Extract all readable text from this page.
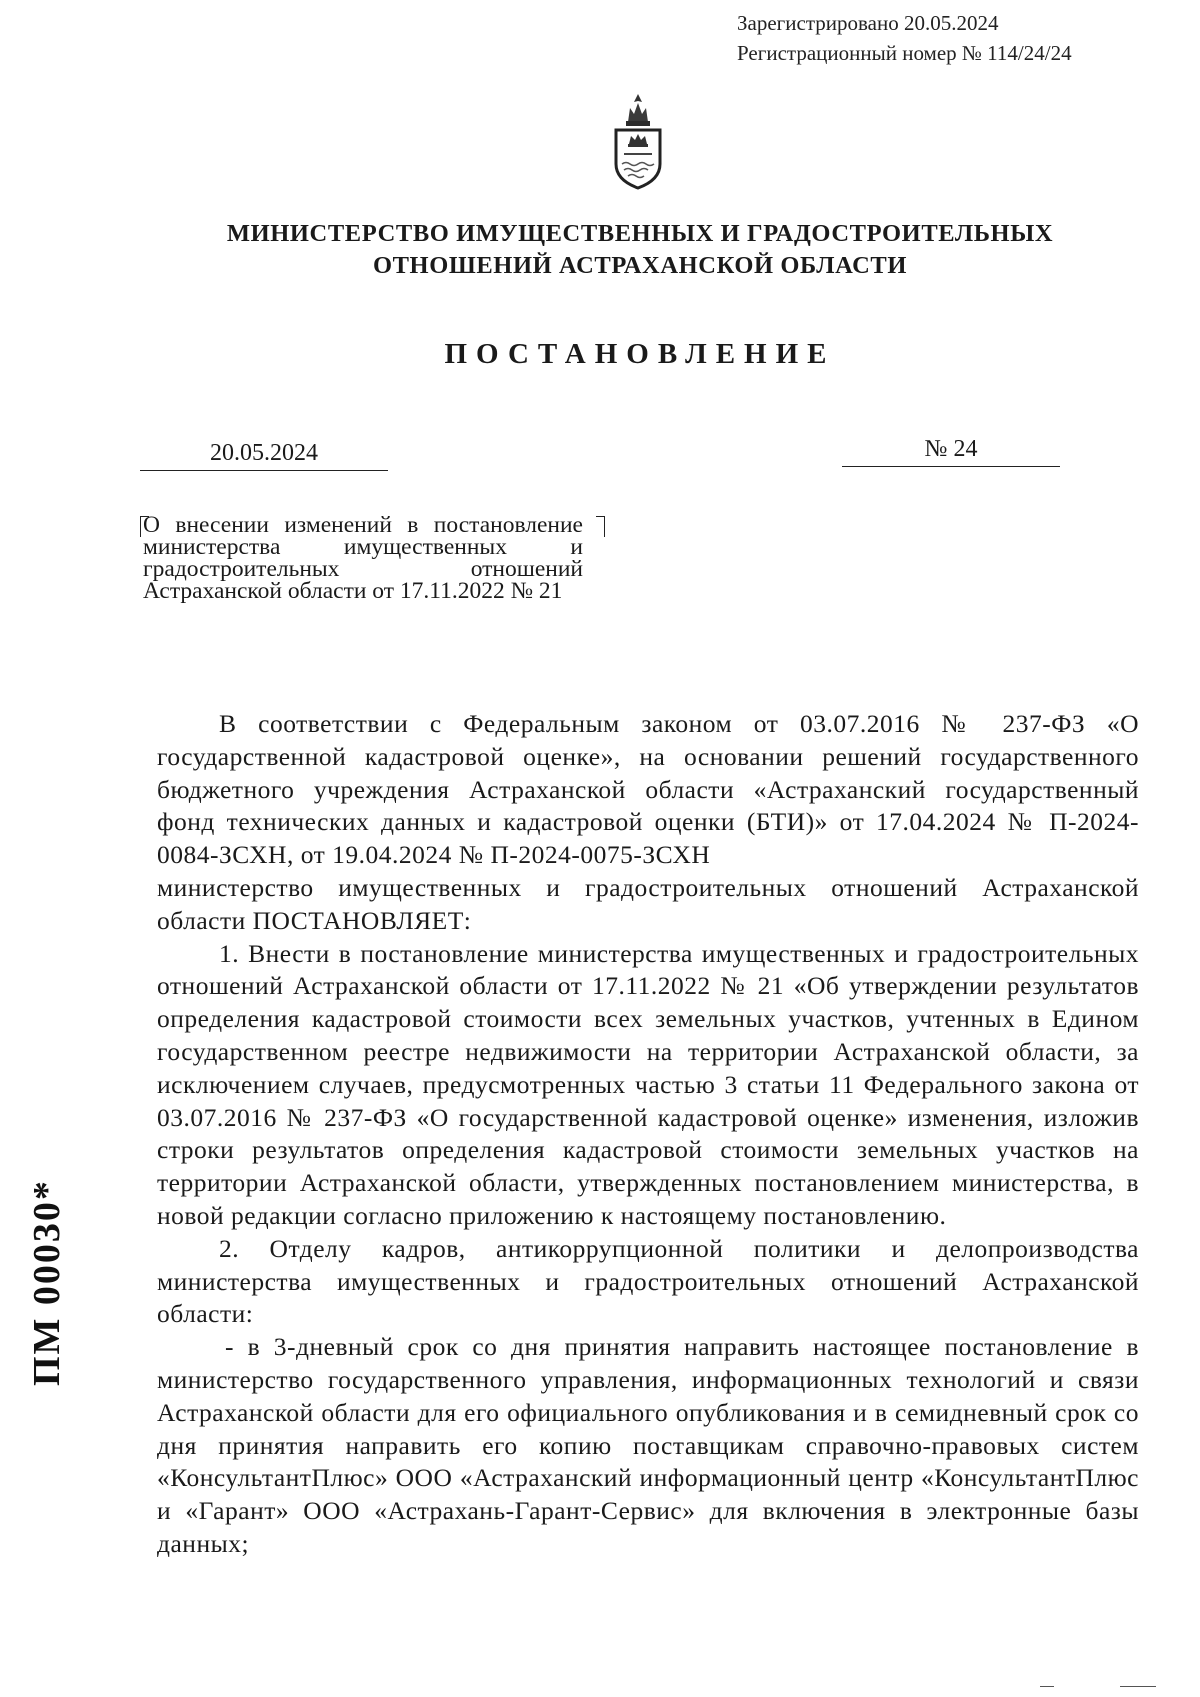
Зарегистрировано 20.05.2024
Регистрационный номер № 114/24/24
МИНИСТЕРСТВО ИМУЩЕСТВЕННЫХ И ГРАДОСТРОИТЕЛЬНЫХ
ОТНОШЕНИЙ АСТРАХАНСКОЙ ОБЛАСТИ
ПОСТАНОВЛЕНИЕ
20.05.2024	№ 24
О внесении изменений в постановление министерства имущественных и градостроительных отношений Астраханской области от 17.11.2022 № 21

В соответствии с Федеральным законом от 03.07.2016 № 237-ФЗ «О государственной кадастровой оценке», на основании решений государственного бюджетного учреждения Астраханской области «Астраханский государственный фонд технических данных и кадастровой оценки (БТИ)» от 17.04.2024 № П-2024-0084-ЗСХН, от 19.04.2024 № П-2024-0075-ЗСХН

министерство имущественных и градостроительных отношений Астраханской области ПОСТАНОВЛЯЕТ:

1. Внести в постановление министерства имущественных и градостроительных отношений Астраханской области от 17.11.2022 № 21 «Об утверждении результатов определения кадастровой стоимости всех земельных участков, учтенных в Едином государственном реестре недвижимости на территории Астраханской области, за исключением случаев, предусмотренных частью 3 статьи 11 Федерального закона от 03.07.2016 № 237-ФЗ «О государственной кадастровой оценке» изменения, изложив строки результатов определения кадастровой стоимости земельных участков на территории Астраханской области, утвержденных постановлением министерства, в новой редакции согласно приложению к настоящему постановлению.

2. Отделу кадров, антикоррупционной политики и делопроизводства министерства имущественных и градостроительных отношений Астраханской области:

- в 3-дневный срок со дня принятия направить настоящее постановление в министерство государственного управления, информационных технологий и связи Астраханской области для его официального опубликования и в семидневный срок со дня принятия направить его копию поставщикам справочно-правовых систем «КонсультантПлюс» ООО «Астраханский информационный центр «КонсультантПлюс и «Гарант» ООО «Астрахань-Гарант-Сервис» для включения в электронные базы данных;

ПМ 00030*
